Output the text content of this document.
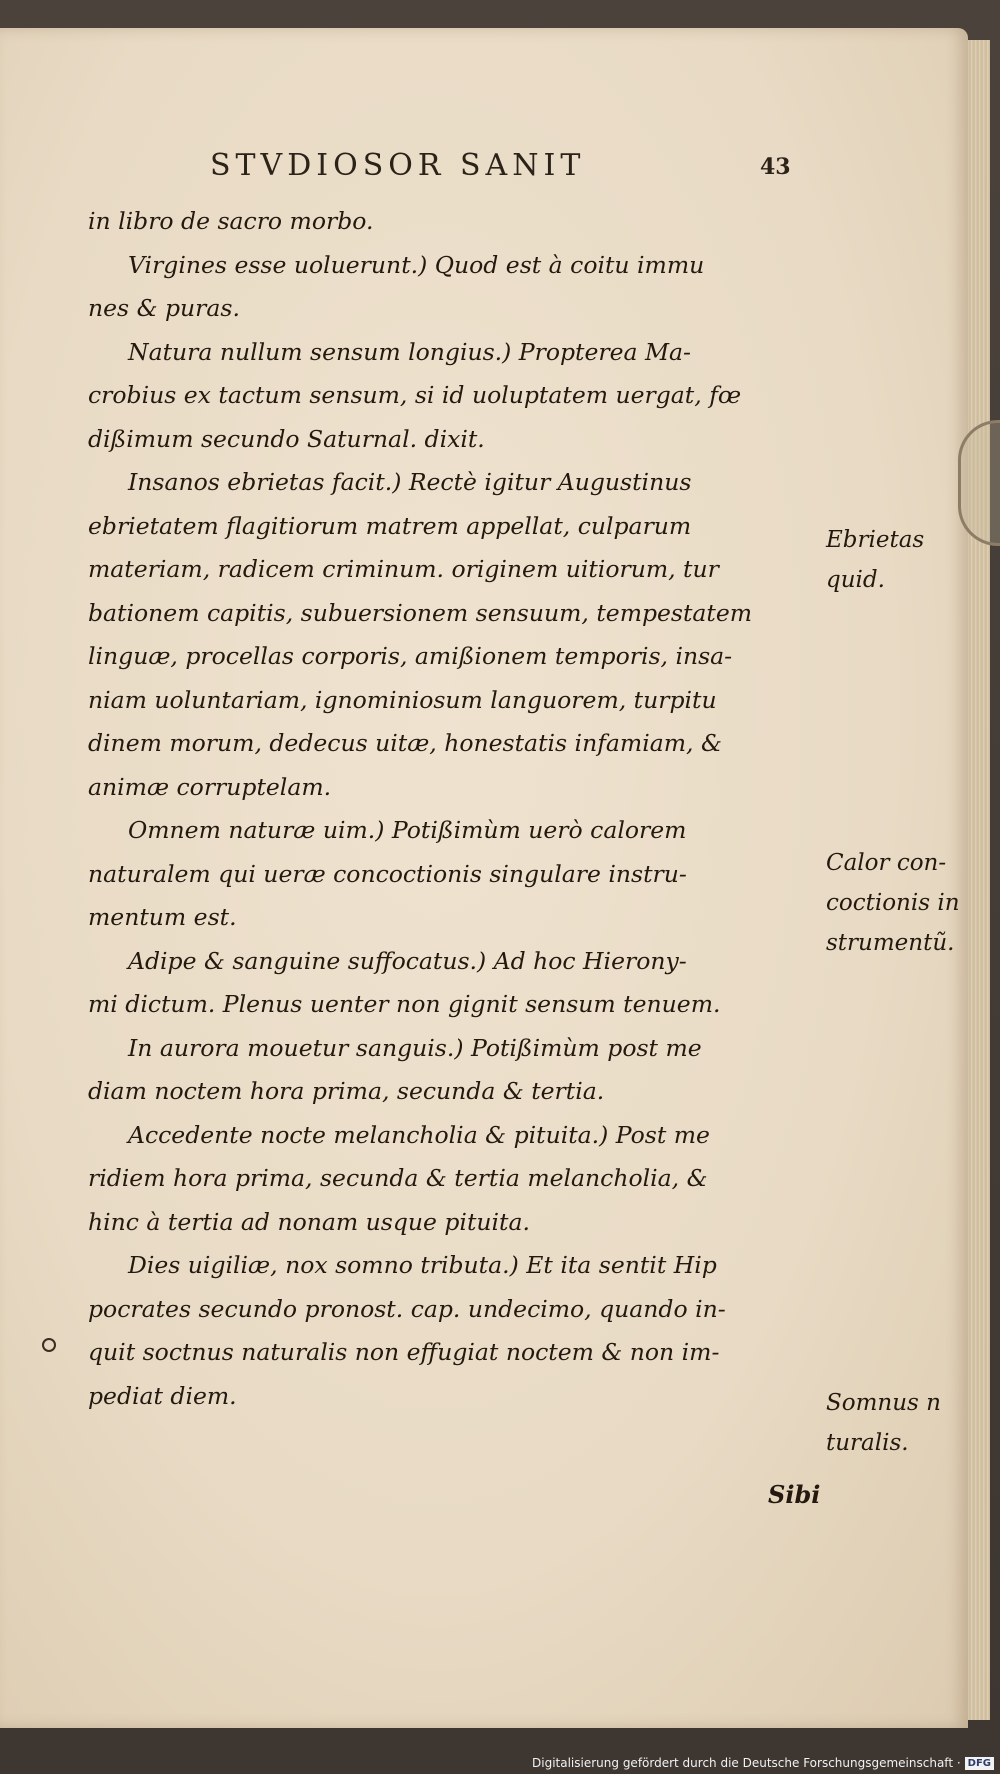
STVDIOSOR SANIT	43
in libro de sacro morbo.
Virgines esse uoluerunt.) Quod est à coitu immu
nes & puras.
Natura nullum sensum longius.) Propterea Ma-
crobius ex tactum sensum, si id uoluptatem uergat, fœ
dißimum secundo Saturnal. dixit.
Insanos ebrietas facit.) Rectè igitur Augustinus
ebrietatem flagitiorum matrem appellat, culparum
materiam, radicem criminum. originem uitiorum, tur
bationem capitis, subuersionem sensuum, tempestatem
linguæ, procellas corporis, amißionem temporis, insa-
niam uoluntariam, ignominiosum languorem, turpitu
dinem morum, dedecus uitæ, honestatis infamiam, &
animæ corruptelam.
Omnem naturæ uim.) Potißimùm uerò calorem
naturalem qui ueræ concoctionis singulare instru-
mentum est.
Adipe & sanguine suffocatus.) Ad hoc Hierony-
mi dictum. Plenus uenter non gignit sensum tenuem.
In aurora mouetur sanguis.) Potißimùm post me
diam noctem hora prima, secunda & tertia.
Accedente nocte melancholia & pituita.) Post me
ridiem hora prima, secunda & tertia melancholia, &
hinc à tertia ad nonam usque pituita.
Dies uigiliæ, nox somno tributa.) Et ita sentit Hip
pocrates secundo pronost. cap. undecimo, quando in-
quit soctnus naturalis non effugiat noctem & non im-
pediat diem.
Ebrietas
quid.
Calor con-
coctionis in
strumentũ.
Somnus n
turalis.
Sibi
Digitalisierung gefördert durch die Deutsche Forschungsgemeinschaft · DFG
